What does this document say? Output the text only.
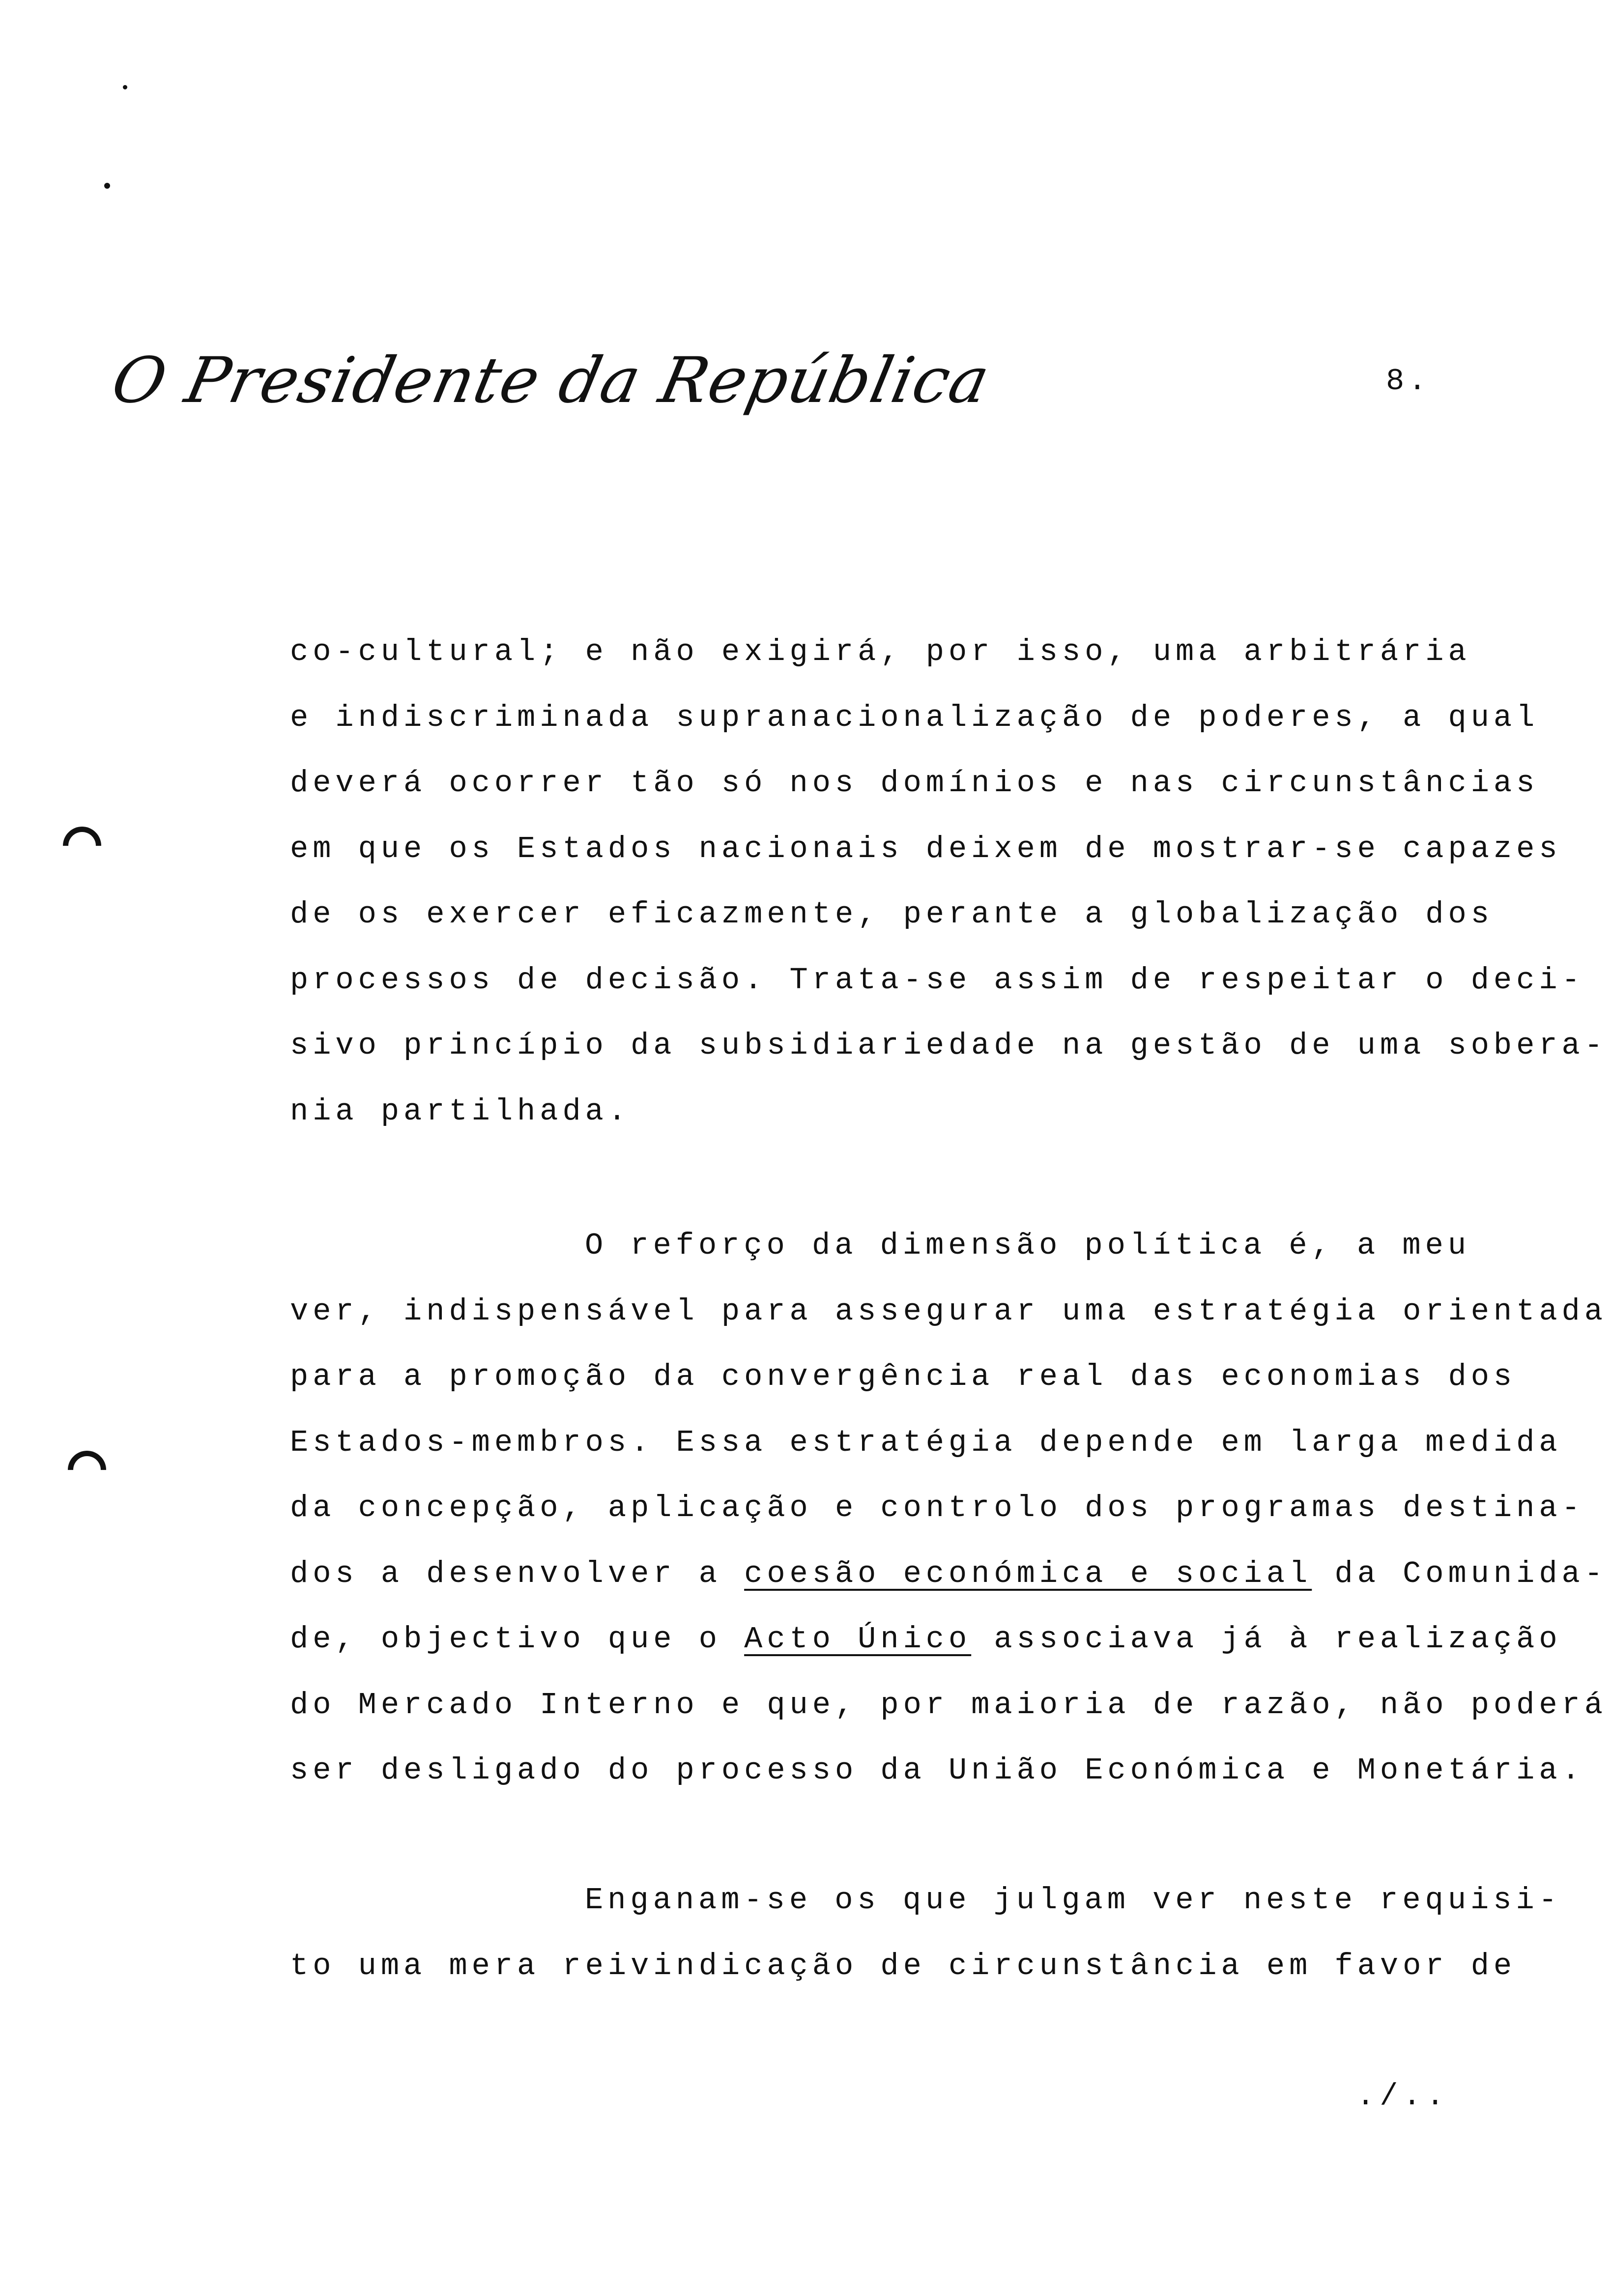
O Presidente da República	8.
co-cultural; e não exigirá, por isso, uma arbitrária
e indiscriminada supranacionalização de poderes, a qual
deverá ocorrer tão só nos domínios e nas circunstâncias
em que os Estados nacionais deixem de mostrar-se capazes
de os exercer eficazmente, perante a globalização dos
processos de decisão. Trata-se assim de respeitar o deci-
sivo princípio da subsidiariedade na gestão de uma sobera-
nia partilhada.
O reforço da dimensão política é, a meu
ver, indispensável para assegurar uma estratégia orientada
para a promoção da convergência real das economias dos
Estados-membros. Essa estratégia depende em larga medida
da concepção, aplicação e controlo dos programas destina-
dos a desenvolver a coesão económica e social da Comunida-
de, objectivo que o Acto Único associava já à realização
do Mercado Interno e que, por maioria de razão, não poderá
ser desligado do processo da União Económica e Monetária.
Enganam-se os que julgam ver neste requisi-
to uma mera reivindicação de circunstância em favor de
./..
